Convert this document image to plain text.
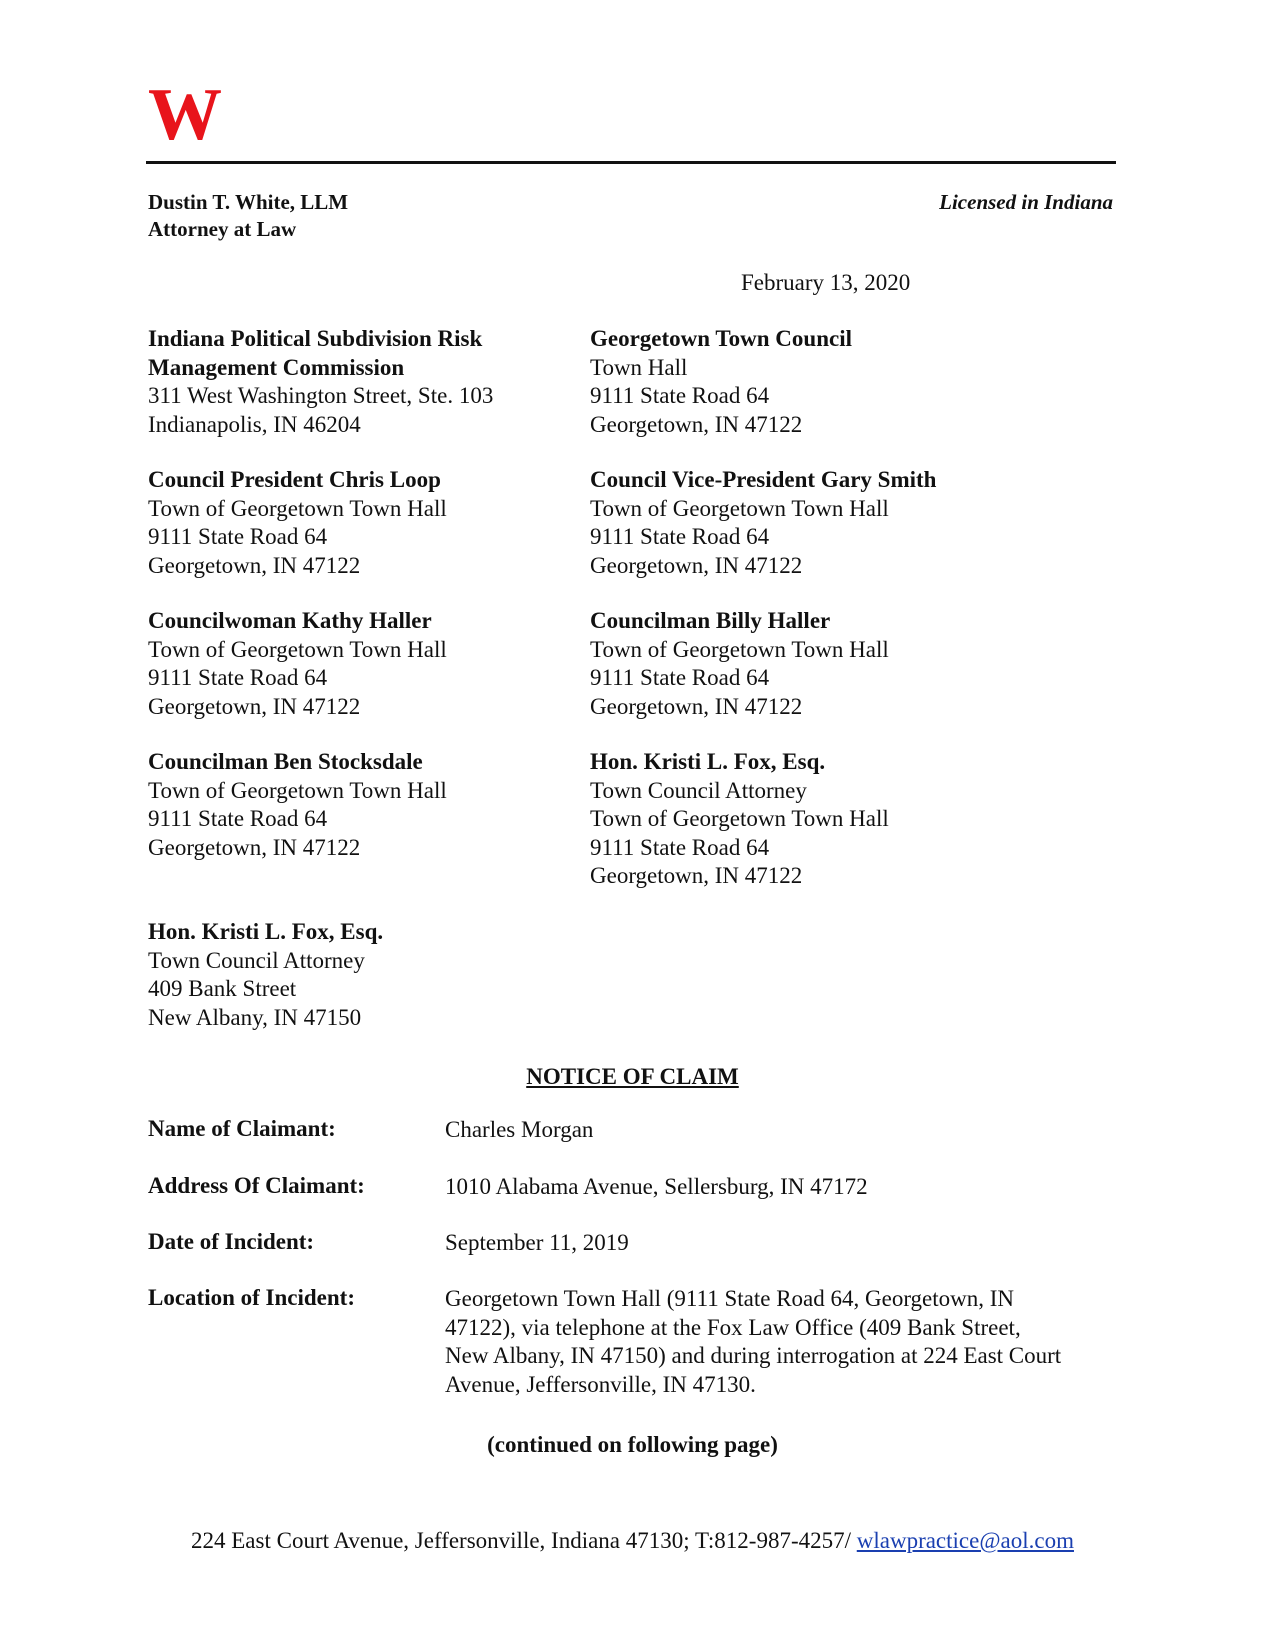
W
Dustin T. White, LLM
Attorney at Law
Licensed in Indiana
February 13, 2020
Indiana Political Subdivision Risk
Management Commission
311 West Washington Street, Ste. 103
Indianapolis, IN 46204
Georgetown Town Council
Town Hall
9111 State Road 64
Georgetown, IN 47122
Council President Chris Loop
Town of Georgetown Town Hall
9111 State Road 64
Georgetown, IN 47122
Council Vice-President Gary Smith
Town of Georgetown Town Hall
9111 State Road 64
Georgetown, IN 47122
Councilwoman Kathy Haller
Town of Georgetown Town Hall
9111 State Road 64
Georgetown, IN 47122
Councilman Billy Haller
Town of Georgetown Town Hall
9111 State Road 64
Georgetown, IN 47122
Councilman Ben Stocksdale
Town of Georgetown Town Hall
9111 State Road 64
Georgetown, IN 47122
Hon. Kristi L. Fox, Esq.
Town Council Attorney
Town of Georgetown Town Hall
9111 State Road 64
Georgetown, IN 47122
Hon. Kristi L. Fox, Esq.
Town Council Attorney
409 Bank Street
New Albany, IN 47150
NOTICE OF CLAIM
Name of Claimant:	Charles Morgan
Address Of Claimant:	1010 Alabama Avenue, Sellersburg, IN 47172
Date of Incident:	September 11, 2019
Location of Incident:	Georgetown Town Hall (9111 State Road 64, Georgetown, IN
47122), via telephone at the Fox Law Office (409 Bank Street,
New Albany, IN 47150) and during interrogation at 224 East Court
Avenue, Jeffersonville, IN 47130.
(continued on following page)
224 East Court Avenue, Jeffersonville, Indiana 47130; T:812-987-4257/ wlawpractice@aol.com
